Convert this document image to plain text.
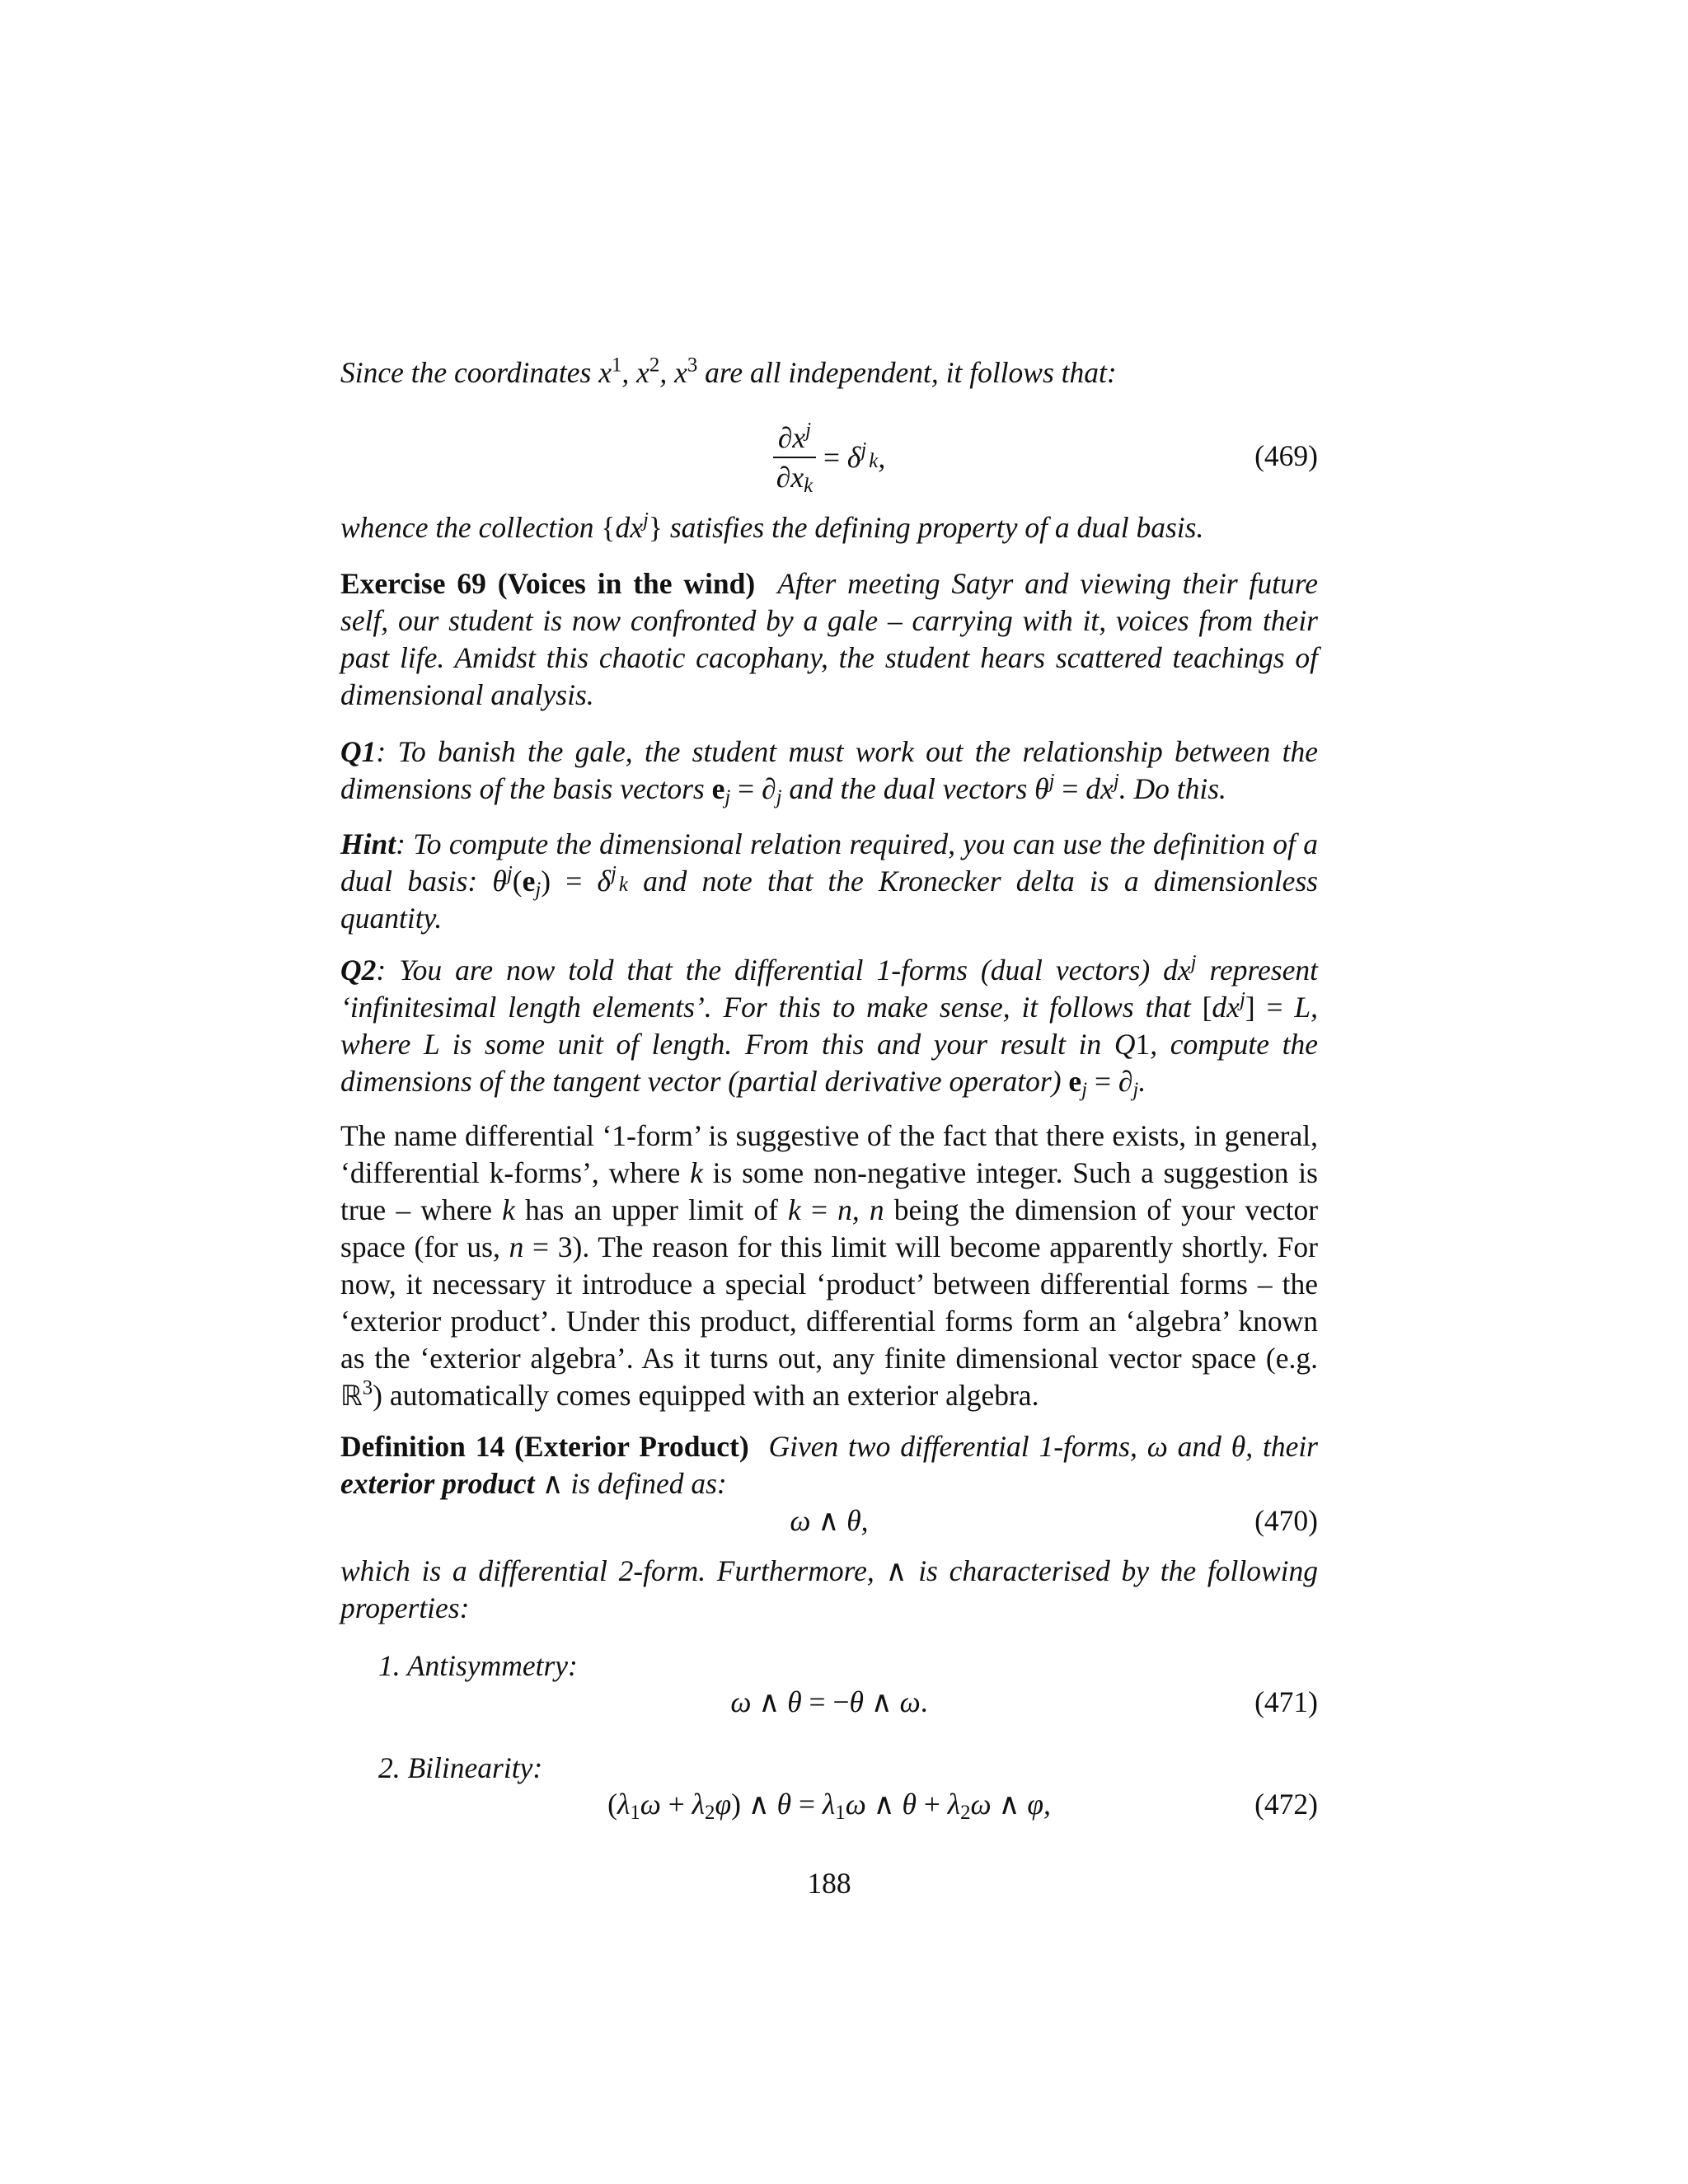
Since the coordinates $x^1$, $x^2$, $x^3$ are all independent, it follows that:
$\frac{\partial x^j}{\partial x_k} = \delta^j$ k,	(469)
whence the collection $\{dx^j\}$ satisfies the defining property of a dual basis.
Exercise 69 (Voices in the wind) After meeting Satyr and viewing their future self, our student is now confronted by a gale – carrying with it, voices from their past life. Amidst this chaotic cacophany, the student hears scattered teachings of dimensional analysis.
Q1: To banish the gale, the student must work out the relationship between the dimensions of the basis vectors $e_j = \partial_j$ and the dual vectors $\theta^j = dx^j$. Do this.
Hint: To compute the dimensional relation required, you can use the definition of a dual basis: $\theta^j(e_j) = \delta^j$ k and note that the Kronecker delta is a dimensionless quantity.
Q2: You are now told that the differential 1-forms (dual vectors) $dx^j$ represent ‘infinitesimal length elements’. For this to make sense, it follows that $[dx^j] = L$, where L is some unit of length. From this and your result in Q1, compute the dimensions of the tangent vector (partial derivative operator) $e_j = \partial_j$.
The name differential ‘1-form’ is suggestive of the fact that there exists, in general, ‘differential k-forms’, where k is some non-negative integer. Such a suggestion is true – where k has an upper limit of k = n, n being the dimension of your vector space (for us, n = 3). The reason for this limit will become apparently shortly. For now, it necessary it introduce a special ‘product’ between differential forms – the ‘exterior product’. Under this product, differential forms form an ‘algebra’ known as the ‘exterior algebra’. As it turns out, any finite dimensional vector space (e.g. ℝ$^3$) automatically comes equipped with an exterior algebra.
Definition 14 (Exterior Product) Given two differential 1-forms, ω and θ, their exterior product ∧ is defined as:
ω ∧ θ,	(470)
which is a differential 2-form. Furthermore, ∧ is characterised by the following properties:
1. Antisymmetry:
ω ∧ θ = −θ ∧ ω.	(471)
2. Bilinearity:
$(\lambda_1\omega + \lambda_2\varphi)$ ∧ $\theta = \lambda_1\omega$ ∧ $\theta + \lambda_2\omega$ ∧ φ,	(472)
188
